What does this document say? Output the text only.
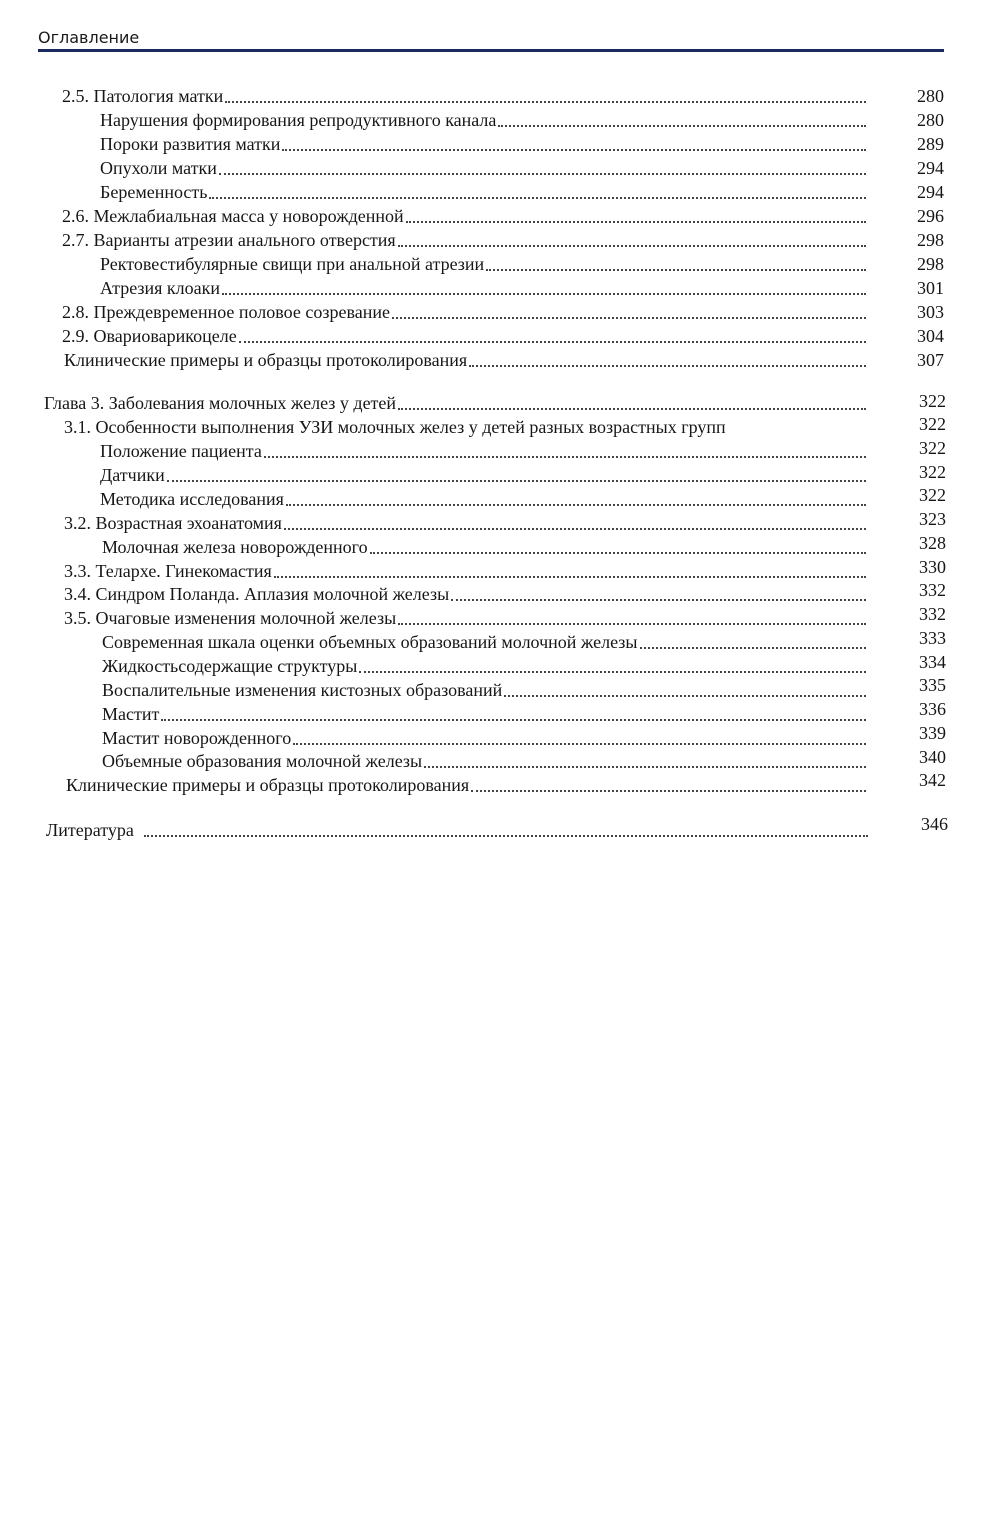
Оглавление
2.5. Патология матки	280
Нарушения формирования репродуктивного канала	280
Пороки развития матки	289
Опухоли матки	294
Беременность	294
2.6. Межлабиальная масса у новорожденной	296
2.7. Варианты атрезии анального отверстия	298
Ректовестибулярные свищи при анальной атрезии	298
Атрезия клоаки	301
2.8. Преждевременное половое созревание	303
2.9. Овариоварикоцеле	304
Клинические примеры и образцы протоколирования	307
Глава 3. Заболевания молочных желез у детей	322
3.1. Особенности выполнения УЗИ молочных желез у детей разных возрастных групп	322
Положение пациента	322
Датчики	322
Методика исследования	322
3.2. Возрастная эхоанатомия	323
Молочная железа новорожденного	328
3.3. Телархе. Гинекомастия	330
3.4. Синдром Поланда. Аплазия молочной железы	332
3.5. Очаговые изменения молочной железы	332
Современная шкала оценки объемных образований молочной железы	333
Жидкостьсодержащие структуры	334
Воспалительные изменения кистозных образований	335
Мастит	336
Мастит новорожденного	339
Объемные образования молочной железы	340
Клинические примеры и образцы протоколирования	342
Литература	346
